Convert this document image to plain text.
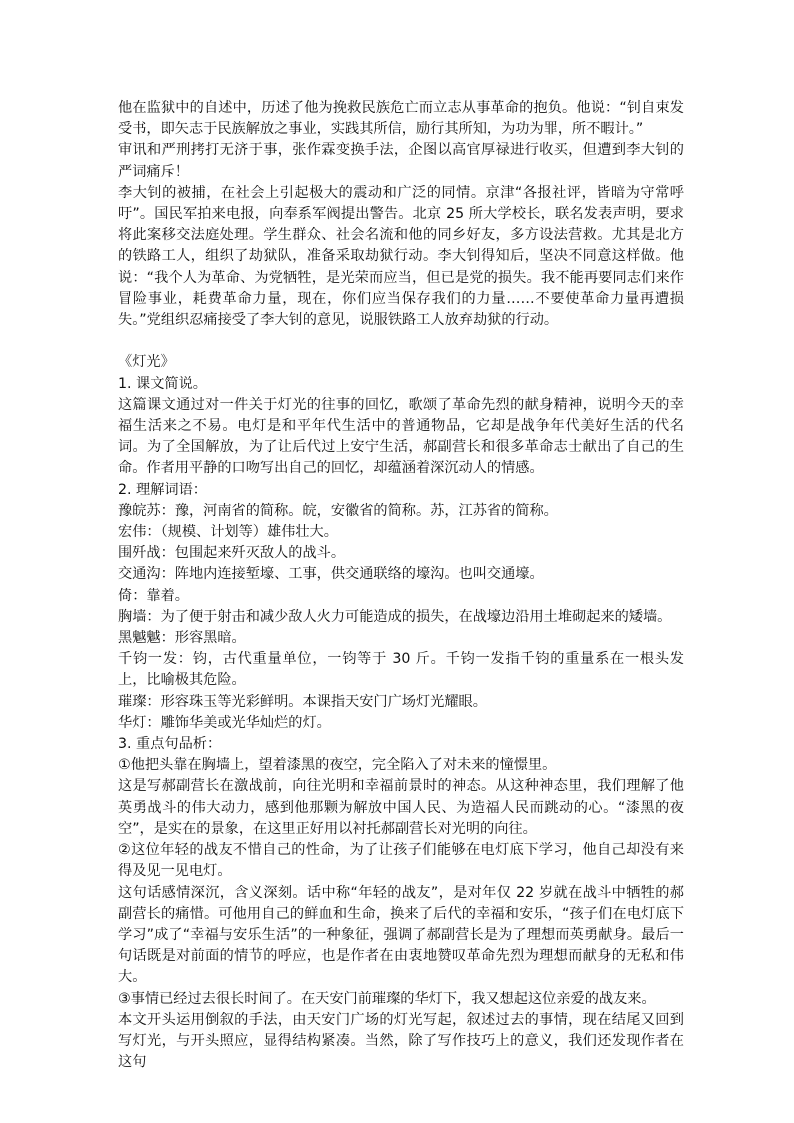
他在监狱中的自述中，历述了他为挽救民族危亡而立志从事革命的抱负。他说：“钊自束发受书，即矢志于民族解放之事业，实践其所信，励行其所知，为功为罪，所不暇计。”

审讯和严刑拷打无济于事，张作霖变换手法，企图以高官厚禄进行收买，但遭到李大钊的严词痛斥！

李大钊的被捕，在社会上引起极大的震动和广泛的同情。京津“各报社评，皆暗为守常呼吁”。国民军拍来电报，向奉系军阀提出警告。北京 25 所大学校长，联名发表声明，要求将此案移交法庭处理。学生群众、社会名流和他的同乡好友，多方设法营救。尤其是北方的铁路工人，组织了劫狱队，准备采取劫狱行动。李大钊得知后，坚决不同意这样做。他说：“我个人为革命、为党牺牲，是光荣而应当，但已是党的损失。我不能再要同志们来作冒险事业，耗费革命力量，现在，你们应当保存我们的力量……不要使革命力量再遭损失。”党组织忍痛接受了李大钊的意见，说服铁路工人放弃劫狱的行动。

《灯光》

1. 课文简说。

这篇课文通过对一件关于灯光的往事的回忆，歌颂了革命先烈的献身精神，说明今天的幸福生活来之不易。电灯是和平年代生活中的普通物品，它却是战争年代美好生活的代名词。为了全国解放，为了让后代过上安宁生活，郝副营长和很多革命志士献出了自己的生命。作者用平静的口吻写出自己的回忆，却蕴涵着深沉动人的情感。

2. 理解词语：

豫皖苏：豫，河南省的简称。皖，安徽省的简称。苏，江苏省的简称。

宏伟：（规模、计划等）雄伟壮大。

围歼战：包围起来歼灭敌人的战斗。

交通沟：阵地内连接堑壕、工事，供交通联络的壕沟。也叫交通壕。

倚：靠着。

胸墙：为了便于射击和减少敌人火力可能造成的损失，在战壕边沿用土堆砌起来的矮墙。

黑魆魆：形容黑暗。

千钧一发：钧，古代重量单位，一钧等于 30 斤。千钧一发指千钧的重量系在一根头发上，比喻极其危险。

璀璨：形容珠玉等光彩鲜明。本课指天安门广场灯光耀眼。

华灯：雕饰华美或光华灿烂的灯。

3. 重点句品析：

①他把头靠在胸墙上，望着漆黑的夜空，完全陷入了对未来的憧憬里。

这是写郝副营长在激战前，向往光明和幸福前景时的神态。从这种神态里，我们理解了他英勇战斗的伟大动力，感到他那颗为解放中国人民、为造福人民而跳动的心。“漆黑的夜空”，是实在的景象，在这里正好用以衬托郝副营长对光明的向往。

②这位年轻的战友不惜自己的性命，为了让孩子们能够在电灯底下学习，他自己却没有来得及见一见电灯。

这句话感情深沉，含义深刻。话中称“年轻的战友”，是对年仅 22 岁就在战斗中牺牲的郝副营长的痛惜。可他用自己的鲜血和生命，换来了后代的幸福和安乐，“孩子们在电灯底下学习”成了“幸福与安乐生活”的一种象征，强调了郝副营长是为了理想而英勇献身。最后一句话既是对前面的情节的呼应，也是作者在由衷地赞叹革命先烈为理想而献身的无私和伟大。

③事情已经过去很长时间了。在天安门前璀璨的华灯下，我又想起这位亲爱的战友来。

本文开头运用倒叙的手法，由天安门广场的灯光写起，叙述过去的事情，现在结尾又回到写灯光，与开头照应，显得结构紧凑。当然，除了写作技巧上的意义，我们还发现作者在这句
